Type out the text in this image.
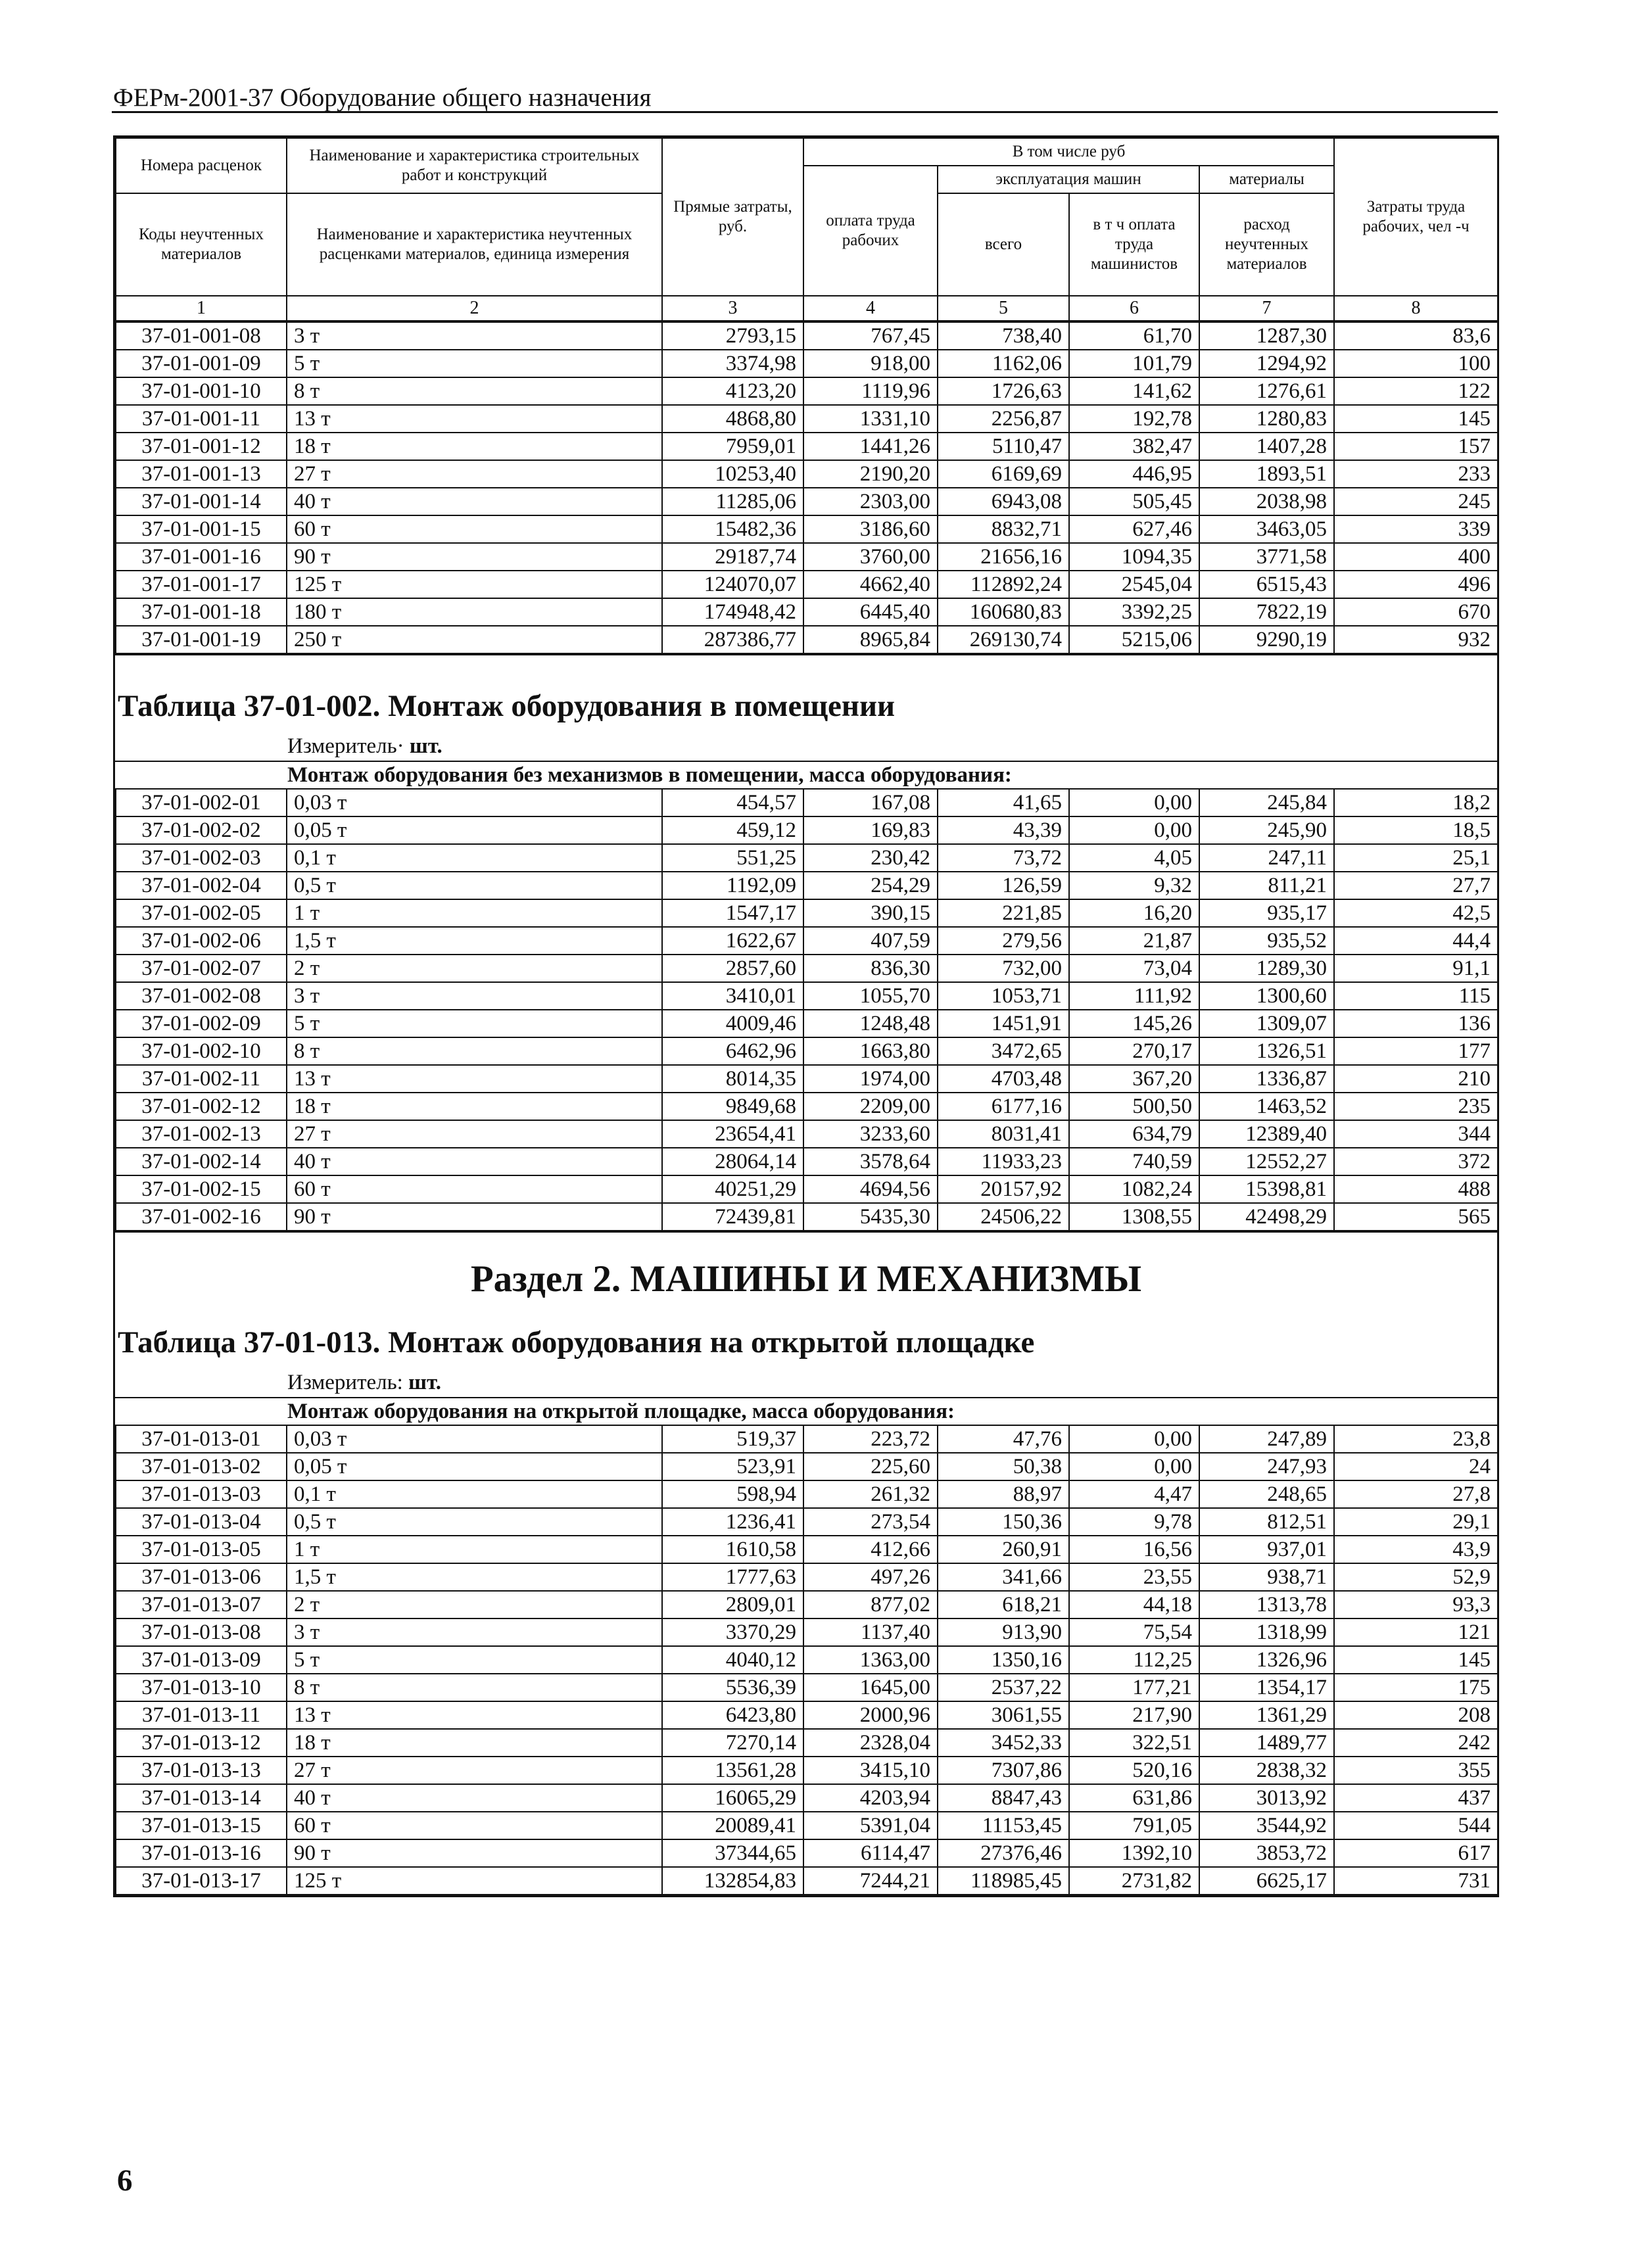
ФЕРм-2001-37 Оборудование общего назначения
Номера расценок	Наименование и характеристика строительных работ и конструкций	Прямые затраты, руб.	В том числе руб				Затраты труда рабочих, чел -ч
			оплата труда рабочих	эксплуатация машин		материалы	
Коды неучтенных материалов	Наименование и характеристика неучтенных расценками материалов, единица измерения			всего	в т ч оплата труда машинистов	расход неучтенных материалов	

1	2	3	4	5	6	7	8
37-01-001-08	3 т	2793,15	767,45	738,40	61,70	1287,30	83,6
37-01-001-09	5 т	3374,98	918,00	1162,06	101,79	1294,92	100
37-01-001-10	8 т	4123,20	1119,96	1726,63	141,62	1276,61	122
37-01-001-11	13 т	4868,80	1331,10	2256,87	192,78	1280,83	145
37-01-001-12	18 т	7959,01	1441,26	5110,47	382,47	1407,28	157
37-01-001-13	27 т	10253,40	2190,20	6169,69	446,95	1893,51	233
37-01-001-14	40 т	11285,06	2303,00	6943,08	505,45	2038,98	245
37-01-001-15	60 т	15482,36	3186,60	8832,71	627,46	3463,05	339
37-01-001-16	90 т	29187,74	3760,00	21656,16	1094,35	3771,58	400
37-01-001-17	125 т	124070,07	4662,40	112892,24	2545,04	6515,43	496
37-01-001-18	180 т	174948,42	6445,40	160680,83	3392,25	7822,19	670
37-01-001-19	250 т	287386,77	8965,84	269130,74	5215,06	9290,19	932
Таблица 37-01-002. Монтаж оборудования в помещении
Измеритель· шт.
Монтаж оборудования без механизмов в помещении, масса оборудования:
37-01-002-01	0,03 т	454,57	167,08	41,65	0,00	245,84	18,2
37-01-002-02	0,05 т	459,12	169,83	43,39	0,00	245,90	18,5
37-01-002-03	0,1 т	551,25	230,42	73,72	4,05	247,11	25,1
37-01-002-04	0,5 т	1192,09	254,29	126,59	9,32	811,21	27,7
37-01-002-05	1 т	1547,17	390,15	221,85	16,20	935,17	42,5
37-01-002-06	1,5 т	1622,67	407,59	279,56	21,87	935,52	44,4
37-01-002-07	2 т	2857,60	836,30	732,00	73,04	1289,30	91,1
37-01-002-08	3 т	3410,01	1055,70	1053,71	111,92	1300,60	115
37-01-002-09	5 т	4009,46	1248,48	1451,91	145,26	1309,07	136
37-01-002-10	8 т	6462,96	1663,80	3472,65	270,17	1326,51	177
37-01-002-11	13 т	8014,35	1974,00	4703,48	367,20	1336,87	210
37-01-002-12	18 т	9849,68	2209,00	6177,16	500,50	1463,52	235
37-01-002-13	27 т	23654,41	3233,60	8031,41	634,79	12389,40	344
37-01-002-14	40 т	28064,14	3578,64	11933,23	740,59	12552,27	372
37-01-002-15	60 т	40251,29	4694,56	20157,92	1082,24	15398,81	488
37-01-002-16	90 т	72439,81	5435,30	24506,22	1308,55	42498,29	565
Раздел 2. МАШИНЫ И МЕХАНИЗМЫ
Таблица 37-01-013. Монтаж оборудования на открытой площадке
Измеритель: шт.
Монтаж оборудования на открытой площадке, масса оборудования:
37-01-013-01	0,03 т	519,37	223,72	47,76	0,00	247,89	23,8
37-01-013-02	0,05 т	523,91	225,60	50,38	0,00	247,93	24
37-01-013-03	0,1 т	598,94	261,32	88,97	4,47	248,65	27,8
37-01-013-04	0,5 т	1236,41	273,54	150,36	9,78	812,51	29,1
37-01-013-05	1 т	1610,58	412,66	260,91	16,56	937,01	43,9
37-01-013-06	1,5 т	1777,63	497,26	341,66	23,55	938,71	52,9
37-01-013-07	2 т	2809,01	877,02	618,21	44,18	1313,78	93,3
37-01-013-08	3 т	3370,29	1137,40	913,90	75,54	1318,99	121
37-01-013-09	5 т	4040,12	1363,00	1350,16	112,25	1326,96	145
37-01-013-10	8 т	5536,39	1645,00	2537,22	177,21	1354,17	175
37-01-013-11	13 т	6423,80	2000,96	3061,55	217,90	1361,29	208
37-01-013-12	18 т	7270,14	2328,04	3452,33	322,51	1489,77	242
37-01-013-13	27 т	13561,28	3415,10	7307,86	520,16	2838,32	355
37-01-013-14	40 т	16065,29	4203,94	8847,43	631,86	3013,92	437
37-01-013-15	60 т	20089,41	5391,04	11153,45	791,05	3544,92	544
37-01-013-16	90 т	37344,65	6114,47	27376,46	1392,10	3853,72	617
37-01-013-17	125 т	132854,83	7244,21	118985,45	2731,82	6625,17	731
6
